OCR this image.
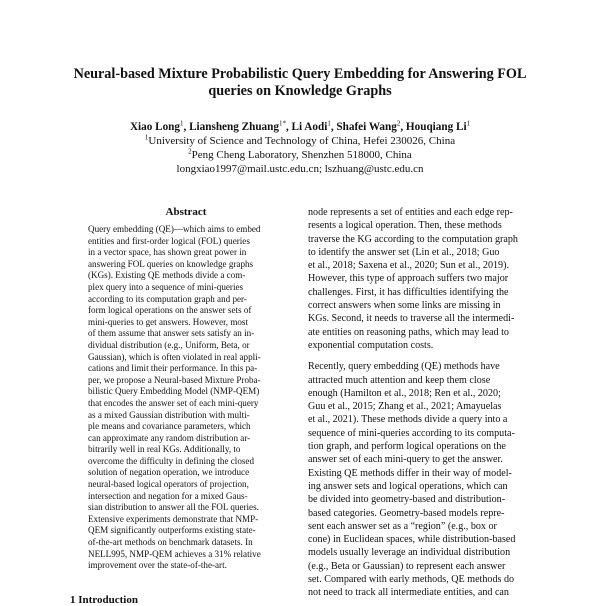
Neural-based Mixture Probabilistic Query Embedding for Answering FOL
queries on Knowledge Graphs
Xiao Long$^1$, Liansheng Zhuang$^{1*}$, Li Aodi$^1$, Shafei Wang$^2$, Houqiang Li$^1$
$^1$University of Science and Technology of China, Hefei 230026, China
$^2$Peng Cheng Laboratory, Shenzhen 518000, China
longxiao1997@mail.ustc.edu.cn; lszhuang@ustc.edu.cn
Abstract
Query embedding (QE)—which aims to embed
entities and first-order logical (FOL) queries
in a vector space, has shown great power in
answering FOL queries on knowledge graphs
(KGs). Existing QE methods divide a com-
plex query into a sequence of mini-queries
according to its computation graph and per-
form logical operations on the answer sets of
mini-queries to get answers. However, most
of them assume that answer sets satisfy an in-
dividual distribution (e.g., Uniform, Beta, or
Gaussian), which is often violated in real appli-
cations and limit their performance. In this pa-
per, we propose a Neural-based Mixture Proba-
bilistic Query Embedding Model (NMP-QEM)
that encodes the answer set of each mini-query
as a mixed Gaussian distribution with multi-
ple means and covariance parameters, which
can approximate any random distribution ar-
bitrarily well in real KGs. Additionally, to
overcome the difficulty in defining the closed
solution of negation operation, we introduce
neural-based logical operators of projection,
intersection and negation for a mixed Gaus-
sian distribution to answer all the FOL queries.
Extensive experiments demonstrate that NMP-
QEM significantly outperforms existing state-
of-the-art methods on benchmark datasets. In
NELL995, NMP-QEM achieves a 31% relative
improvement over the state-of-the-art.
node represents a set of entities and each edge rep-
resents a logical operation. Then, these methods
traverse the KG according to the computation graph
to identify the answer set (Lin et al., 2018; Guo
et al., 2018; Saxena et al., 2020; Sun et al., 2019).
However, this type of approach suffers two major
challenges. First, it has difficulties identifying the
correct answers when some links are missing in
KGs. Second, it needs to traverse all the intermedi-
ate entities on reasoning paths, which may lead to
exponential computation costs.
Recently, query embedding (QE) methods have
attracted much attention and keep them close
enough (Hamilton et al., 2018; Ren et al., 2020;
Guu et al., 2015; Zhang et al., 2021; Amayuelas
et al., 2021). These methods divide a query into a
sequence of mini-queries according to its computa-
tion graph, and perform logical operations on the
answer set of each mini-query to get the answer.
Existing QE methods differ in their way of model-
ing answer sets and logical operations, which can
be divided into geometry-based and distribution-
based categories. Geometry-based models repre-
sent each answer set as a “region” (e.g., box or
cone) in Euclidean spaces, while distribution-based
models usually leverage an individual distribution
(e.g., Beta or Gaussian) to represent each answer
set. Compared with early methods, QE methods do
not need to track all intermediate entities, and can
1 Introduction
